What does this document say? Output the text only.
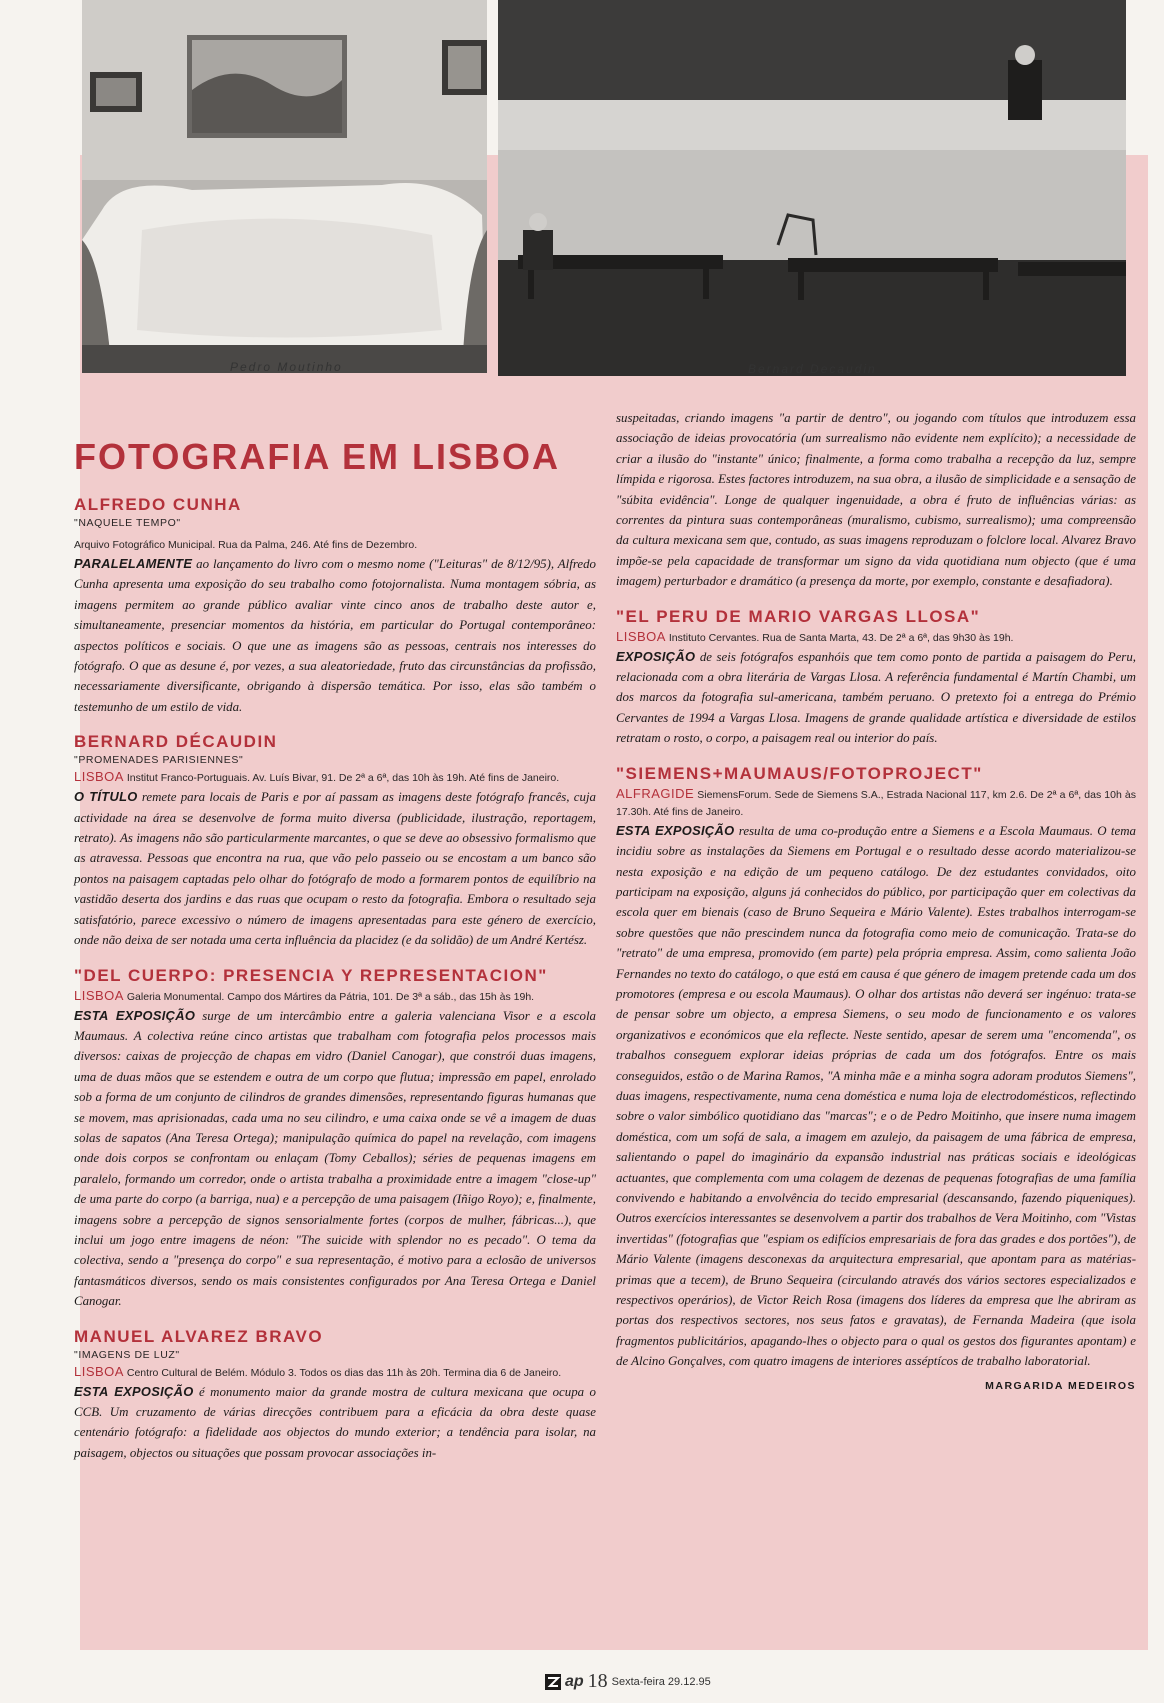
Pedro Moutinho	Bernard Decaudin
FOTOGRAFIA EM LISBOA
ALFREDO CUNHA
"NAQUELE TEMPO"
Arquivo Fotográfico Municipal. Rua da Palma, 246. Até fins de Dezembro.

PARALELAMENTE ao lançamento do livro com o mesmo nome ("Leituras" de 8/12/95), Alfredo Cunha apresenta uma exposição do seu trabalho como fotojornalista. Numa montagem sóbria, as imagens permitem ao grande público avaliar vinte cinco anos de trabalho deste autor e, simultaneamente, presenciar momentos da história, em particular do Portugal contemporâneo: aspectos políticos e sociais. O que une as imagens são as pessoas, centrais nos interesses do fotógrafo. O que as desune é, por vezes, a sua aleatoriedade, fruto das circunstâncias da profissão, necessariamente diversificante, obrigando à dispersão temática. Por isso, elas são também o testemunho de um estilo de vida.

BERNARD DÉCAUDIN
"PROMENADES PARISIENNES"
LISBOA Institut Franco-Portuguais. Av. Luís Bivar, 91. De 2ª a 6ª, das 10h às 19h. Até fins de Janeiro.

O TÍTULO remete para locais de Paris e por aí passam as imagens deste fotógrafo francês, cuja actividade na área se desenvolve de forma muito diversa (publicidade, ilustração, reportagem, retrato). As imagens não são particularmente marcantes, o que se deve ao obsessivo formalismo que as atravessa. Pessoas que encontra na rua, que vão pelo passeio ou se encostam a um banco são pontos na paisagem captadas pelo olhar do fotógrafo de modo a formarem pontos de equilíbrio na vastidão deserta dos jardins e das ruas que ocupam o resto da fotografia. Embora o resultado seja satisfatório, parece excessivo o número de imagens apresentadas para este género de exercício, onde não deixa de ser notada uma certa influência da placidez (e da solidão) de um André Kertész.

"DEL CUERPO: PRESENCIA Y REPRESENTACION"
LISBOA Galeria Monumental. Campo dos Mártires da Pátria, 101. De 3ª a sáb., das 15h às 19h.

ESTA EXPOSIÇÃO surge de um intercâmbio entre a galeria valenciana Visor e a escola Maumaus. A colectiva reúne cinco artistas que trabalham com fotografia pelos processos mais diversos: caixas de projecção de chapas em vidro (Daniel Canogar), que constrói duas imagens, uma de duas mãos que se estendem e outra de um corpo que flutua; impressão em papel, enrolado sob a forma de um conjunto de cilindros de grandes dimensões, representando figuras humanas que se movem, mas aprisionadas, cada uma no seu cilindro, e uma caixa onde se vê a imagem de duas solas de sapatos (Ana Teresa Ortega); manipulação química do papel na revelação, com imagens onde dois corpos se confrontam ou enlaçam (Tomy Ceballos); séries de pequenas imagens em paralelo, formando um corredor, onde o artista trabalha a proximidade entre a imagem "close-up" de uma parte do corpo (a barriga, nua) e a percepção de uma paisagem (Iñigo Royo); e, finalmente, imagens sobre a percepção de signos sensorialmente fortes (corpos de mulher, fábricas...), que inclui um jogo entre imagens de néon: "The suicide with splendor no es pecado". O tema da colectiva, sendo a "presença do corpo" e sua representação, é motivo para a eclosão de universos fantasmáticos diversos, sendo os mais consistentes configurados por Ana Teresa Ortega e Daniel Canogar.

MANUEL ALVAREZ BRAVO
"IMAGENS DE LUZ"
LISBOA Centro Cultural de Belém. Módulo 3. Todos os dias das 11h às 20h. Termina dia 6 de Janeiro.

ESTA EXPOSIÇÃO é monumento maior da grande mostra de cultura mexicana que ocupa o CCB. Um cruzamento de várias direcções contribuem para a eficácia da obra deste quase centenário fotógrafo: a fidelidade aos objectos do mundo exterior; a tendência para isolar, na paisagem, objectos ou situações que possam provocar associações in-

suspeitadas, criando imagens "a partir de dentro", ou jogando com títulos que introduzem essa associação de ideias provocatória (um surrealismo não evidente nem explícito); a necessidade de criar a ilusão do "instante" único; finalmente, a forma como trabalha a recepção da luz, sempre límpida e rigorosa. Estes factores introduzem, na sua obra, a ilusão de simplicidade e a sensação de "súbita evidência". Longe de qualquer ingenuidade, a obra é fruto de influências várias: as correntes da pintura suas contemporâneas (muralismo, cubismo, surrealismo); uma compreensão da cultura mexicana sem que, contudo, as suas imagens reproduzam o folclore local. Alvarez Bravo impõe-se pela capacidade de transformar um signo da vida quotidiana num objecto (que é uma imagem) perturbador e dramático (a presença da morte, por exemplo, constante e desafiadora).

"EL PERU DE MARIO VARGAS LLOSA"
LISBOA Instituto Cervantes. Rua de Santa Marta, 43. De 2ª a 6ª, das 9h30 às 19h.

EXPOSIÇÃO de seis fotógrafos espanhóis que tem como ponto de partida a paisagem do Peru, relacionada com a obra literária de Vargas Llosa. A referência fundamental é Martín Chambi, um dos marcos da fotografia sul-americana, também peruano. O pretexto foi a entrega do Prémio Cervantes de 1994 a Vargas Llosa. Imagens de grande qualidade artística e diversidade de estilos retratam o rosto, o corpo, a paisagem real ou interior do país.

"SIEMENS+MAUMAUS/FOTOPROJECT"
ALFRAGIDE SiemensForum. Sede de Siemens S.A., Estrada Nacional 117, km 2.6. De 2ª a 6ª, das 10h às 17.30h. Até fins de Janeiro.

ESTA EXPOSIÇÃO resulta de uma co-produção entre a Siemens e a Escola Maumaus. O tema incidiu sobre as instalações da Siemens em Portugal e o resultado desse acordo materializou-se nesta exposição e na edição de um pequeno catálogo. De dez estudantes convidados, oito participam na exposição, alguns já conhecidos do público, por participação quer em colectivas da escola quer em bienais (caso de Bruno Sequeira e Mário Valente). Estes trabalhos interrogam-se sobre questões que não prescindem nunca da fotografia como meio de comunicação. Trata-se do "retrato" de uma empresa, promovido (em parte) pela própria empresa. Assim, como salienta João Fernandes no texto do catálogo, o que está em causa é que género de imagem pretende cada um dos promotores (empresa e ou escola Maumaus). O olhar dos artistas não deverá ser ingénuo: trata-se de pensar sobre um objecto, a empresa Siemens, o seu modo de funcionamento e os valores organizativos e económicos que ela reflecte. Neste sentido, apesar de serem uma "encomenda", os trabalhos conseguem explorar ideias próprias de cada um dos fotógrafos. Entre os mais conseguidos, estão o de Marina Ramos, "A minha mãe e a minha sogra adoram produtos Siemens", duas imagens, respectivamente, numa cena doméstica e numa loja de electrodomésticos, reflectindo sobre o valor simbólico quotidiano das "marcas"; e o de Pedro Moitinho, que insere numa imagem doméstica, com um sofá de sala, a imagem em azulejo, da paisagem de uma fábrica de empresa, salientando o papel do imaginário da expansão industrial nas práticas sociais e ideológicas actuantes, que complementa com uma colagem de dezenas de pequenas fotografias de uma família convivendo e habitando a envolvência do tecido empresarial (descansando, fazendo piqueniques). Outros exercícios interessantes se desenvolvem a partir dos trabalhos de Vera Moitinho, com "Vistas invertidas" (fotografias que "espiam os edifícios empresariais de fora das grades e dos portões"), de Mário Valente (imagens desconexas da arquitectura empresarial, que apontam para as matérias-primas que a tecem), de Bruno Sequeira (circulando através dos vários sectores especializados e respectivos operários), de Victor Reich Rosa (imagens dos líderes da empresa que lhe abriram as portas dos respectivos sectores, nos seus fatos e gravatas), de Fernanda Madeira (que isola fragmentos publicitários, apagando-lhes o objecto para o qual os gestos dos figurantes apontam) e de Alcino Gonçalves, com quatro imagens de interiores asséptícos de trabalho laboratorial.

MARGARIDA MEDEIROS
ap 18 Sexta-feira 29.12.95
